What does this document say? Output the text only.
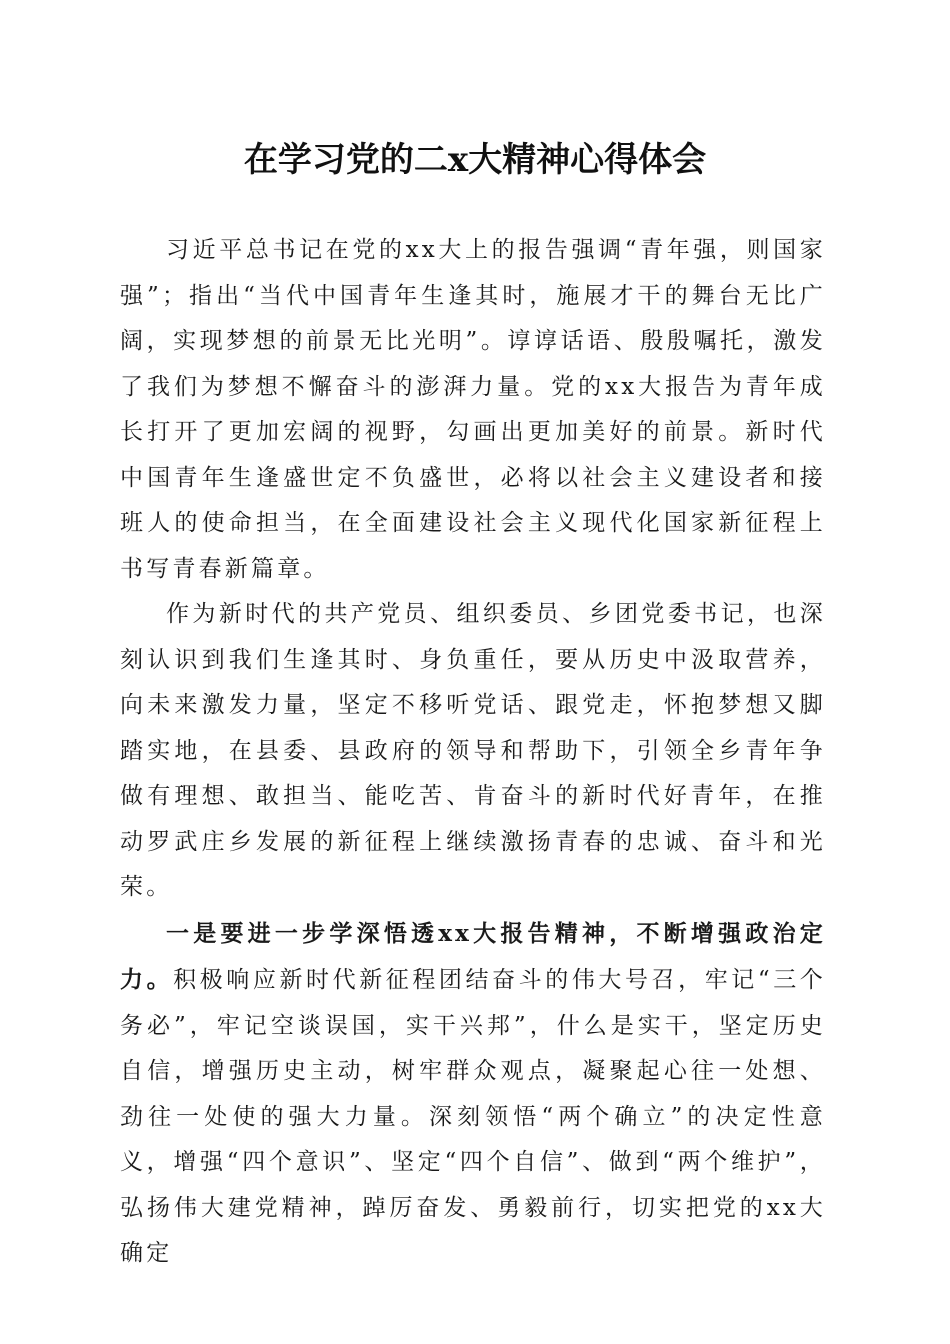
在学习党的二x大精神心得体会

习近平总书记在党的xx大上的报告强调“青年强，则国家强”；指出“当代中国青年生逢其时，施展才干的舞台无比广阔，实现梦想的前景无比光明”。谆谆话语、殷殷嘱托，激发了我们为梦想不懈奋斗的澎湃力量。党的xx大报告为青年成长打开了更加宏阔的视野，勾画出更加美好的前景。新时代中国青年生逢盛世定不负盛世，必将以社会主义建设者和接班人的使命担当，在全面建设社会主义现代化国家新征程上书写青春新篇章。

作为新时代的共产党员、组织委员、乡团党委书记，也深刻认识到我们生逢其时、身负重任，要从历史中汲取营养，向未来激发力量，坚定不移听党话、跟党走，怀抱梦想又脚踏实地，在县委、县政府的领导和帮助下，引领全乡青年争做有理想、敢担当、能吃苦、肯奋斗的新时代好青年，在推动罗武庄乡发展的新征程上继续激扬青春的忠诚、奋斗和光荣。

一是要进一步学深悟透xx大报告精神，不断增强政治定力。积极响应新时代新征程团结奋斗的伟大号召，牢记“三个务必”，牢记空谈误国，实干兴邦”，什么是实干，坚定历史自信，增强历史主动，树牢群众观点，凝聚起心往一处想、劲往一处使的强大力量。深刻领悟“两个确立”的决定性意义，增强“四个意识”、坚定“四个自信”、做到“两个维护”，弘扬伟大建党精神，踔厉奋发、勇毅前行，切实把党的xx大确定
